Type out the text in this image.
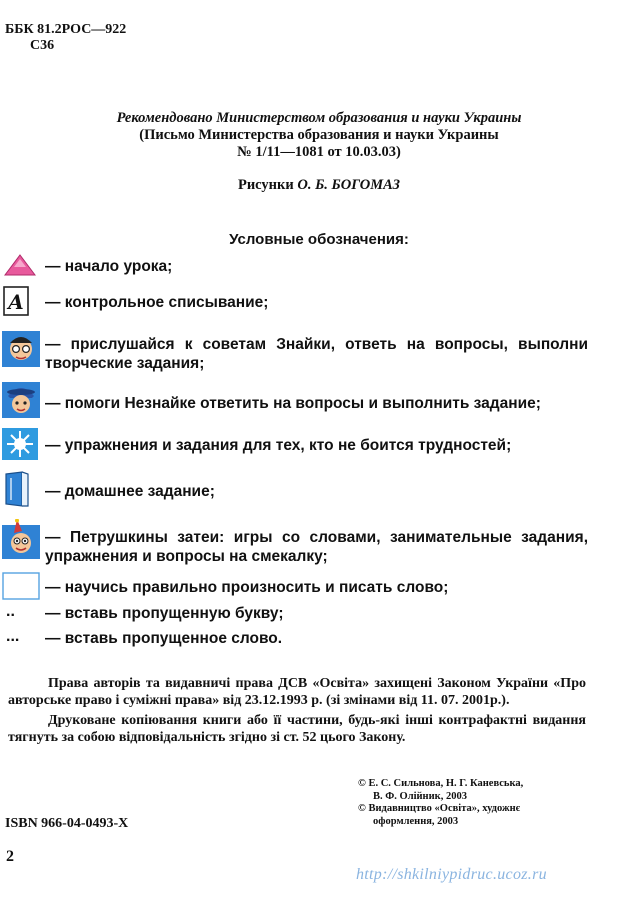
ББК 81.2РОС—922
С36
Рекомендовано Министерством образования и науки Украины
(Письмо Министерства образования и науки Украины
№ 1/11—1081 от 10.03.03)
Рисунки О. Б. БОГОМАЗ
Условные обозначения:
— начало урока;
А — контрольное списывание;
— прислушайся к советам Знайки, ответь на вопросы, выполни творческие задания;
— помоги Незнайке ответить на вопросы и выполнить задание;
— упражнения и задания для тех, кто не боится трудностей;
— домашнее задание;
— Петрушкины затеи: игры со словами, занимательные задания, упражнения и вопросы на смекалку;
— научись правильно произносить и писать слово;
.. — вставь пропущенную букву;
... — вставь пропущенное слово.

Права авторів та видавничі права ДСВ «Освіта» захищені Законом України «Про авторське право і суміжні права» від 23.12.1993 р. (зі змінами від 11. 07. 2001р.).

Друковане копіювання книги або її частини, будь-які інші контрафактні видання тягнуть за собою відповідальність згідно зі ст. 52 цього Закону.

© Е. С. Сильнова, Н. Г. Каневська,
В. Ф. Олійник, 2003
© Видавництво «Освіта», художнє
оформлення, 2003
ISBN 966-04-0493-Х
2
http://shkilniypidruc.ucoz.ru
